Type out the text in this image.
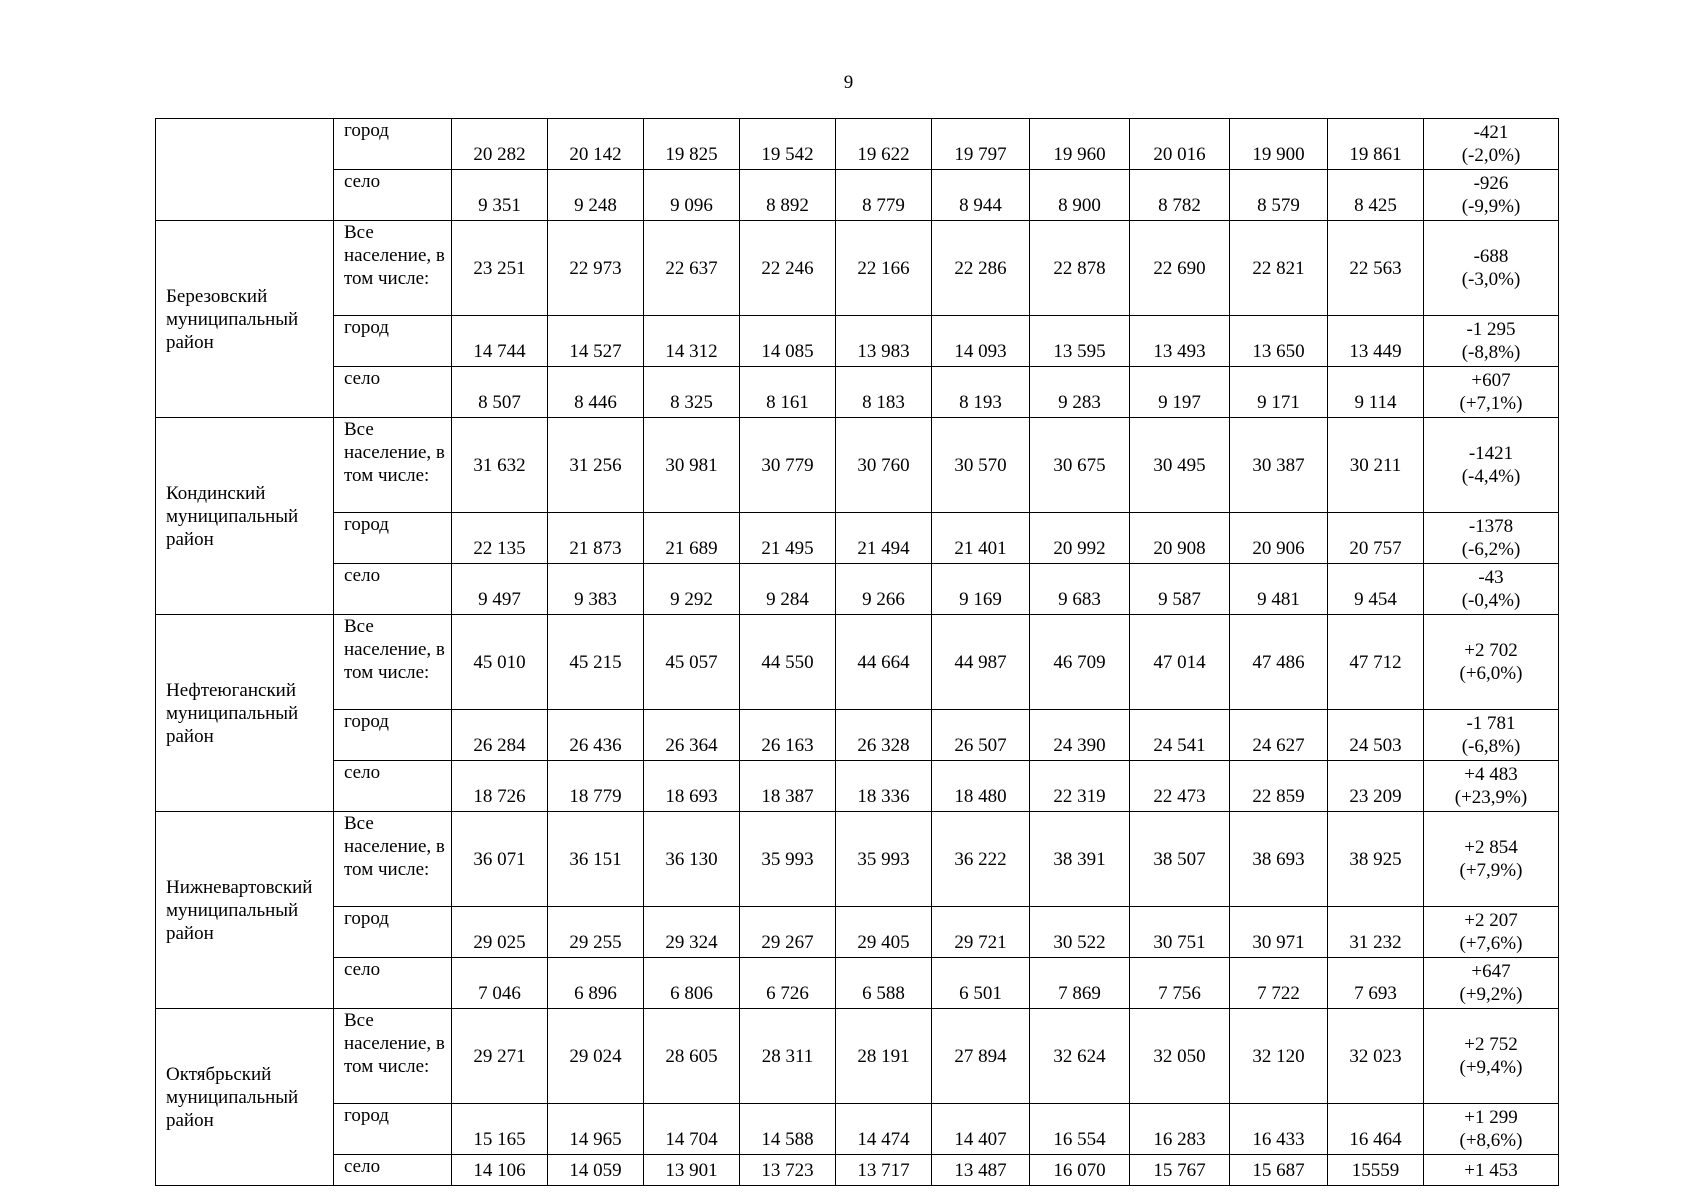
9
	город	20 282	20 142	19 825	19 542	19 622	19 797	19 960	20 016	19 900	19 861	-421
(-2,0%)

	село	9 351	9 248	9 096	8 892	8 779	8 944	8 900	8 782	8 579	8 425	-926
(-9,9%)

Березовский муниципальный район	Все население, в том числе:	23 251	22 973	22 637	22 246	22 166	22 286	22 878	22 690	22 821	22 563	-688
(-3,0%)

	город	14 744	14 527	14 312	14 085	13 983	14 093	13 595	13 493	13 650	13 449	-1 295
(-8,8%)

	село	8 507	8 446	8 325	8 161	8 183	8 193	9 283	9 197	9 171	9 114	+607
(+7,1%)

Кондинский муниципальный район	Все население, в том числе:	31 632	31 256	30 981	30 779	30 760	30 570	30 675	30 495	30 387	30 211	-1421
(-4,4%)

	город	22 135	21 873	21 689	21 495	21 494	21 401	20 992	20 908	20 906	20 757	-1378
(-6,2%)

	село	9 497	9 383	9 292	9 284	9 266	9 169	9 683	9 587	9 481	9 454	-43
(-0,4%)

Нефтеюганский муниципальный район	Все население, в том числе:	45 010	45 215	45 057	44 550	44 664	44 987	46 709	47 014	47 486	47 712	+2 702
(+6,0%)

	город	26 284	26 436	26 364	26 163	26 328	26 507	24 390	24 541	24 627	24 503	-1 781
(-6,8%)

	село	18 726	18 779	18 693	18 387	18 336	18 480	22 319	22 473	22 859	23 209	+4 483
(+23,9%)

Нижневартовский муниципальный район	Все население, в том числе:	36 071	36 151	36 130	35 993	35 993	36 222	38 391	38 507	38 693	38 925	+2 854
(+7,9%)

	город	29 025	29 255	29 324	29 267	29 405	29 721	30 522	30 751	30 971	31 232	+2 207
(+7,6%)

	село	7 046	6 896	6 806	6 726	6 588	6 501	7 869	7 756	7 722	7 693	+647
(+9,2%)

Октябрьский муниципальный район	Все население, в том числе:	29 271	29 024	28 605	28 311	28 191	27 894	32 624	32 050	32 120	32 023	+2 752
(+9,4%)

	город	15 165	14 965	14 704	14 588	14 474	14 407	16 554	16 283	16 433	16 464	+1 299
(+8,6%)

	село	14 106	14 059	13 901	13 723	13 717	13 487	16 070	15 767	15 687	15559	+1 453
